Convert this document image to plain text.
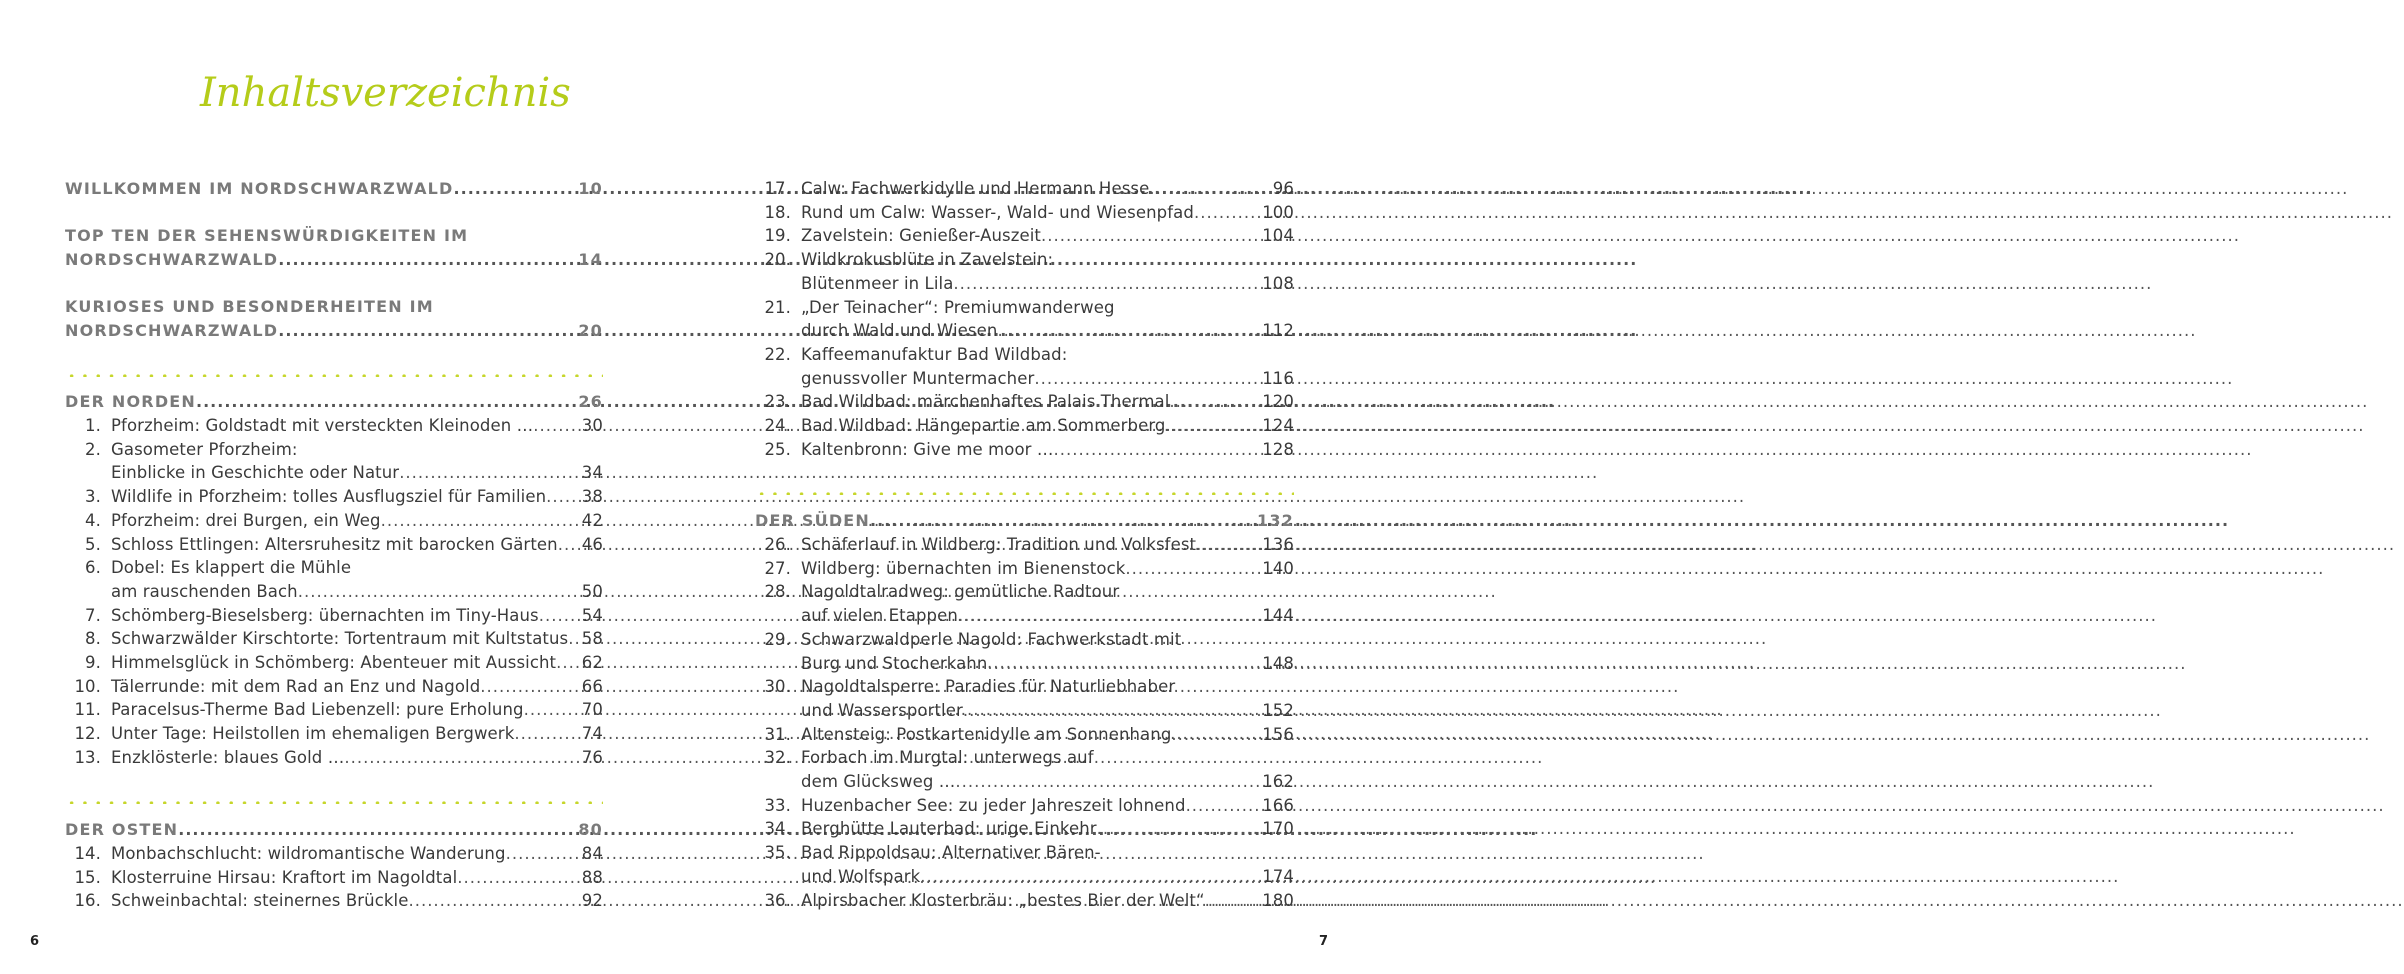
Inhaltsverzeichnis
WILLKOMMEN IM NORDSCHWARZWALD .....	10
TOP TEN DER SEHENSWÜRDIGKEITEN IM
NORDSCHWARZWALD .....	14
KURIOSES UND BESONDERHEITEN IM
NORDSCHWARZWALD .....	20
DER NORDEN .....	26
1. Pforzheim: Goldstadt mit versteckten Kleinoden … .....	30
2. Gasometer Pforzheim:
Einblicke in Geschichte oder Natur .....	34
3. Wildlife in Pforzheim: tolles Ausflugsziel für Familien ..... 38
4. Pforzheim: drei Burgen, ein Weg .....	42
5. Schloss Ettlingen: Altersruhesitz mit barocken Gärten ..... 46
6. Dobel: Es klappert die Mühle
am rauschenden Bach .....	50
7. Schömberg-Bieselsberg: übernachten im Tiny-Haus .....	54
8. Schwarzwälder Kirschtorte: Tortentraum mit Kultstatus ..... 58
9. Himmelsglück in Schömberg: Abenteuer mit Aussicht ..... 62
10. Tälerrunde: mit dem Rad an Enz und Nagold .....	66
11. Paracelsus-Therme Bad Liebenzell: pure Erholung .....	70
12. Unter Tage: Heilstollen im ehemaligen Bergwerk .....	74
13. Enzklösterle: blaues Gold … .....	76
DER OSTEN .....	80
14. Monbachschlucht: wildromantische Wanderung .....	84
15. Klosterruine Hirsau: Kraftort im Nagoldtal .....	88
16. Schweinbachtal: steinernes Brückle .....	92
17. Calw: Fachwerkidylle und Hermann Hesse .....	96
18. Rund um Calw: Wasser-, Wald- und Wiesenpfad .....	100
19. Zavelstein: Genießer-Auszeit .....	104
20. Wildkrokusblüte in Zavelstein:
Blütenmeer in Lila .....	108
21. „Der Teinacher“: Premiumwanderweg
durch Wald und Wiesen .....	112
22. Kaffeemanufaktur Bad Wildbad:
genussvoller Muntermacher .....	116
23. Bad Wildbad: märchenhaftes Palais Thermal .....	120
24. Bad Wildbad: Hängepartie am Sommerberg .....	124
25. Kaltenbronn: Give me moor … .....	128
DER SÜDEN .....	132
26. Schäferlauf in Wildberg: Tradition und Volksfest .....	136
27. Wildberg: übernachten im Bienenstock .....	140
28. Nagoldtalradweg: gemütliche Radtour
auf vielen Etappen .....	144
29. Schwarzwaldperle Nagold: Fachwerkstadt mit
Burg und Stocherkahn .....	148
30. Nagoldtalsperre: Paradies für Naturliebhaber
und Wassersportler .....	152
31. Altensteig: Postkartenidylle am Sonnenhang .....	156
32. Forbach im Murgtal: unterwegs auf
dem Glücksweg … .....	162
33. Huzenbacher See: zu jeder Jahreszeit lohnend .....	166
34. Berghütte Lauterbad: urige Einkehr .....	170
35. Bad Rippoldsau: Alternativer Bären-
und Wolfspark .....	174
36. Alpirsbacher Klosterbräu: „bestes Bier der Welt“ .....	180
6	7
